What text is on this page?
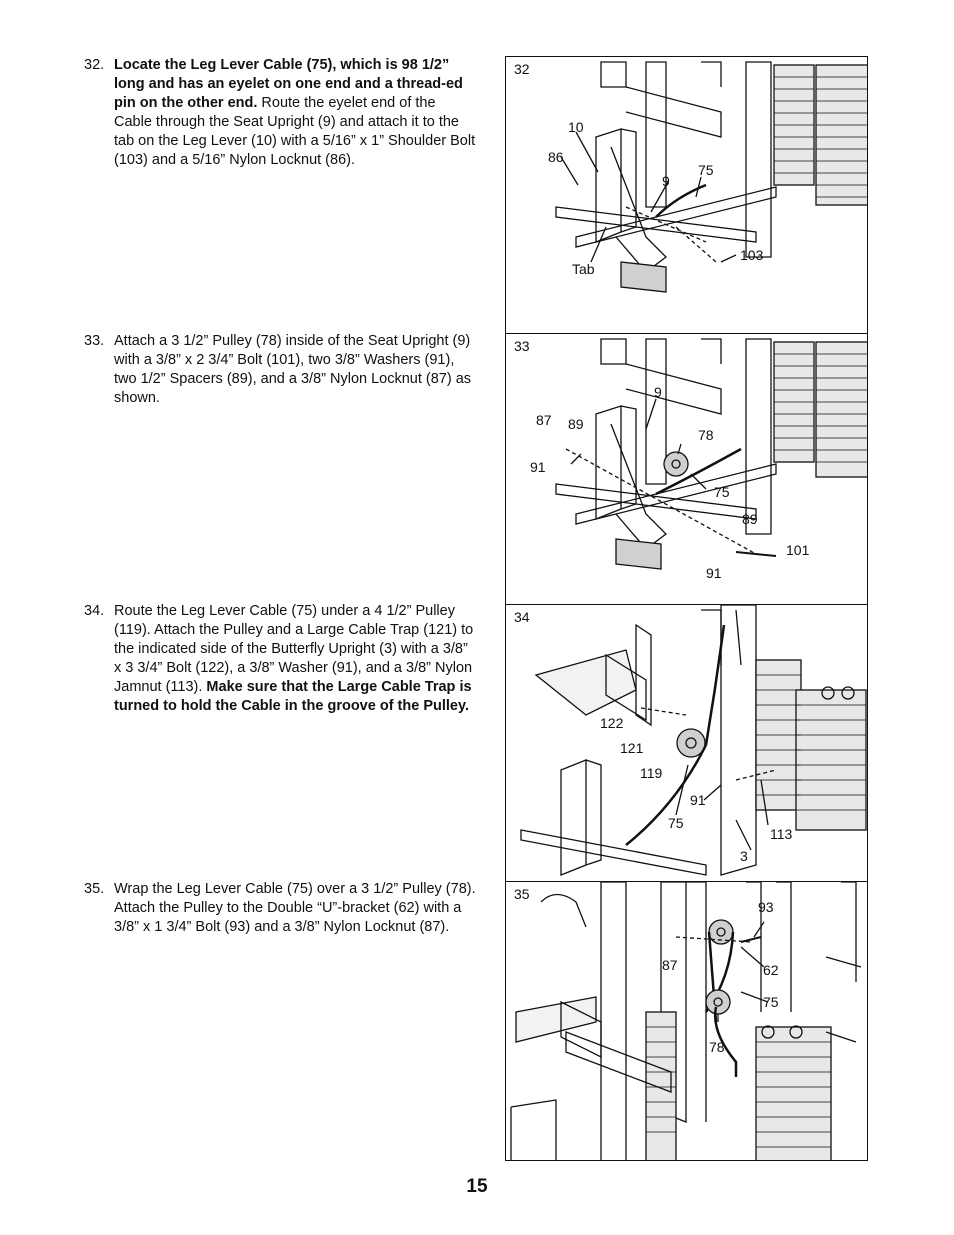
32. Locate the Leg Lever Cable (75), which is 98 1/2” long and has an eyelet on one end and a thread-ed pin on the other end. Route the eyelet end of the Cable through the Seat Upright (9) and attach it to the tab on the Leg Lever (10) with a 5/16” x 1” Shoulder Bolt (103) and a 5/16” Nylon Locknut (86).
33. Attach a 3 1/2” Pulley (78) inside of the Seat Upright (9) with a 3/8” x 2 3/4” Bolt (101), two 3/8” Washers (91), two 1/2” Spacers (89), and a 3/8” Nylon Locknut (87) as shown.
34. Route the Leg Lever Cable (75) under a 4 1/2” Pulley (119). Attach the Pulley and a Large Cable Trap (121) to the indicated side of the Butterfly Upright (3) with a 3/8” x 3 3/4” Bolt (122), a 3/8” Washer (91), and a 3/8” Nylon Jamnut (113). Make sure that the Large Cable Trap is turned to hold the Cable in the groove of the Pulley.
35. Wrap the Leg Lever Cable (75) over a 3 1/2” Pulley (78). Attach the Pulley to the Double “U”-bracket (62) with a 3/8” x 1 3/4” Bolt (93) and a 3/8” Nylon Locknut (87).
32
10
86
9
75
103
Tab
33
9
87 89
78
91
75
89
101
91
34
122
121
119
91
75
113
3
35
93
87	62
75
78
15
